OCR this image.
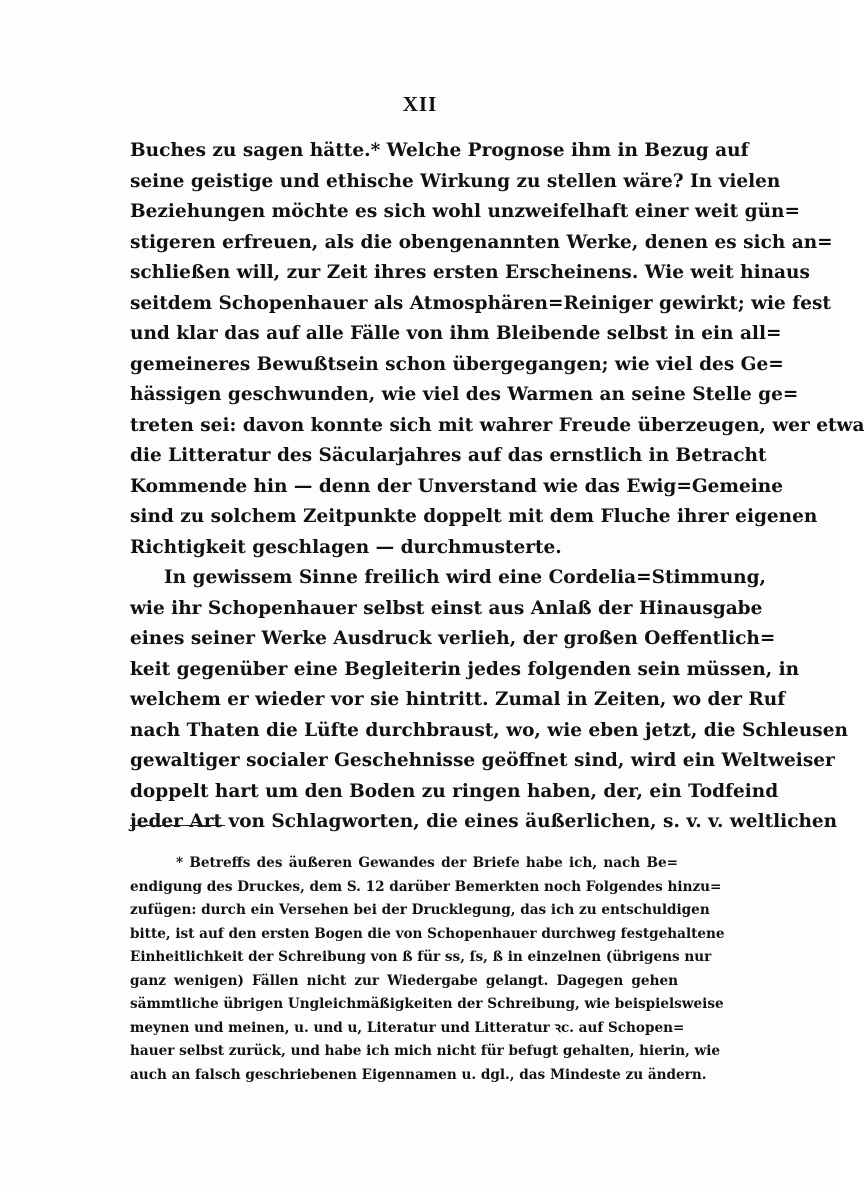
XII
Buches zu sagen hätte.* Welche Prognose ihm in Bezug auf
seine geistige und ethische Wirkung zu stellen wäre? In vielen
Beziehungen möchte es sich wohl unzweifelhaft einer weit gün=
stigeren erfreuen, als die obengenannten Werke, denen es sich an=
schließen will, zur Zeit ihres ersten Erscheinens. Wie weit hinaus
seitdem Schopenhauer als Atmosphären=Reiniger gewirkt; wie fest
und klar das auf alle Fälle von ihm Bleibende selbst in ein all=
gemeineres Bewußtsein schon übergegangen; wie viel des Ge=
hässigen geschwunden, wie viel des Warmen an seine Stelle ge=
treten sei: davon konnte sich mit wahrer Freude überzeugen, wer etwa
die Litteratur des Säcularjahres auf das ernstlich in Betracht
Kommende hin — denn der Unverstand wie das Ewig=Gemeine
sind zu solchem Zeitpunkte doppelt mit dem Fluche ihrer eigenen
Richtigkeit geschlagen — durchmusterte.
In gewissem Sinne freilich wird eine Cordelia=Stimmung,
wie ihr Schopenhauer selbst einst aus Anlaß der Hinausgabe
eines seiner Werke Ausdruck verlieh, der großen Oeffentlich=
keit gegenüber eine Begleiterin jedes folgenden sein müssen, in
welchem er wieder vor sie hintritt. Zumal in Zeiten, wo der Ruf
nach Thaten die Lüfte durchbraust, wo, wie eben jetzt, die Schleusen
gewaltiger socialer Geschehnisse geöffnet sind, wird ein Weltweiser
doppelt hart um den Boden zu ringen haben, der, ein Todfeind
jeder Art von Schlagworten, die eines äußerlichen, s. v. v. weltlichen
* Betreffs des äußeren Gewandes der Briefe habe ich, nach Be=
endigung des Druckes, dem S. 12 darüber Bemerkten noch Folgendes hinzu=
zufügen: durch ein Versehen bei der Drucklegung, das ich zu entschuldigen
bitte, ist auf den ersten Bogen die von Schopenhauer durchweg festgehaltene
Einheitlichkeit der Schreibung von ß für ss, ſs, ß in einzelnen (übrigens nur
ganz wenigen) Fällen nicht zur Wiedergabe gelangt. Dagegen gehen
sämmtliche übrigen Ungleichmäßigkeiten der Schreibung, wie beispielsweise
meynen und meinen, u. und u, Literatur und Litteratur ꝛc. auf Schopen=
hauer selbst zurück, und habe ich mich nicht für befugt gehalten, hierin, wie
auch an falsch geschriebenen Eigennamen u. dgl., das Mindeste zu ändern.
